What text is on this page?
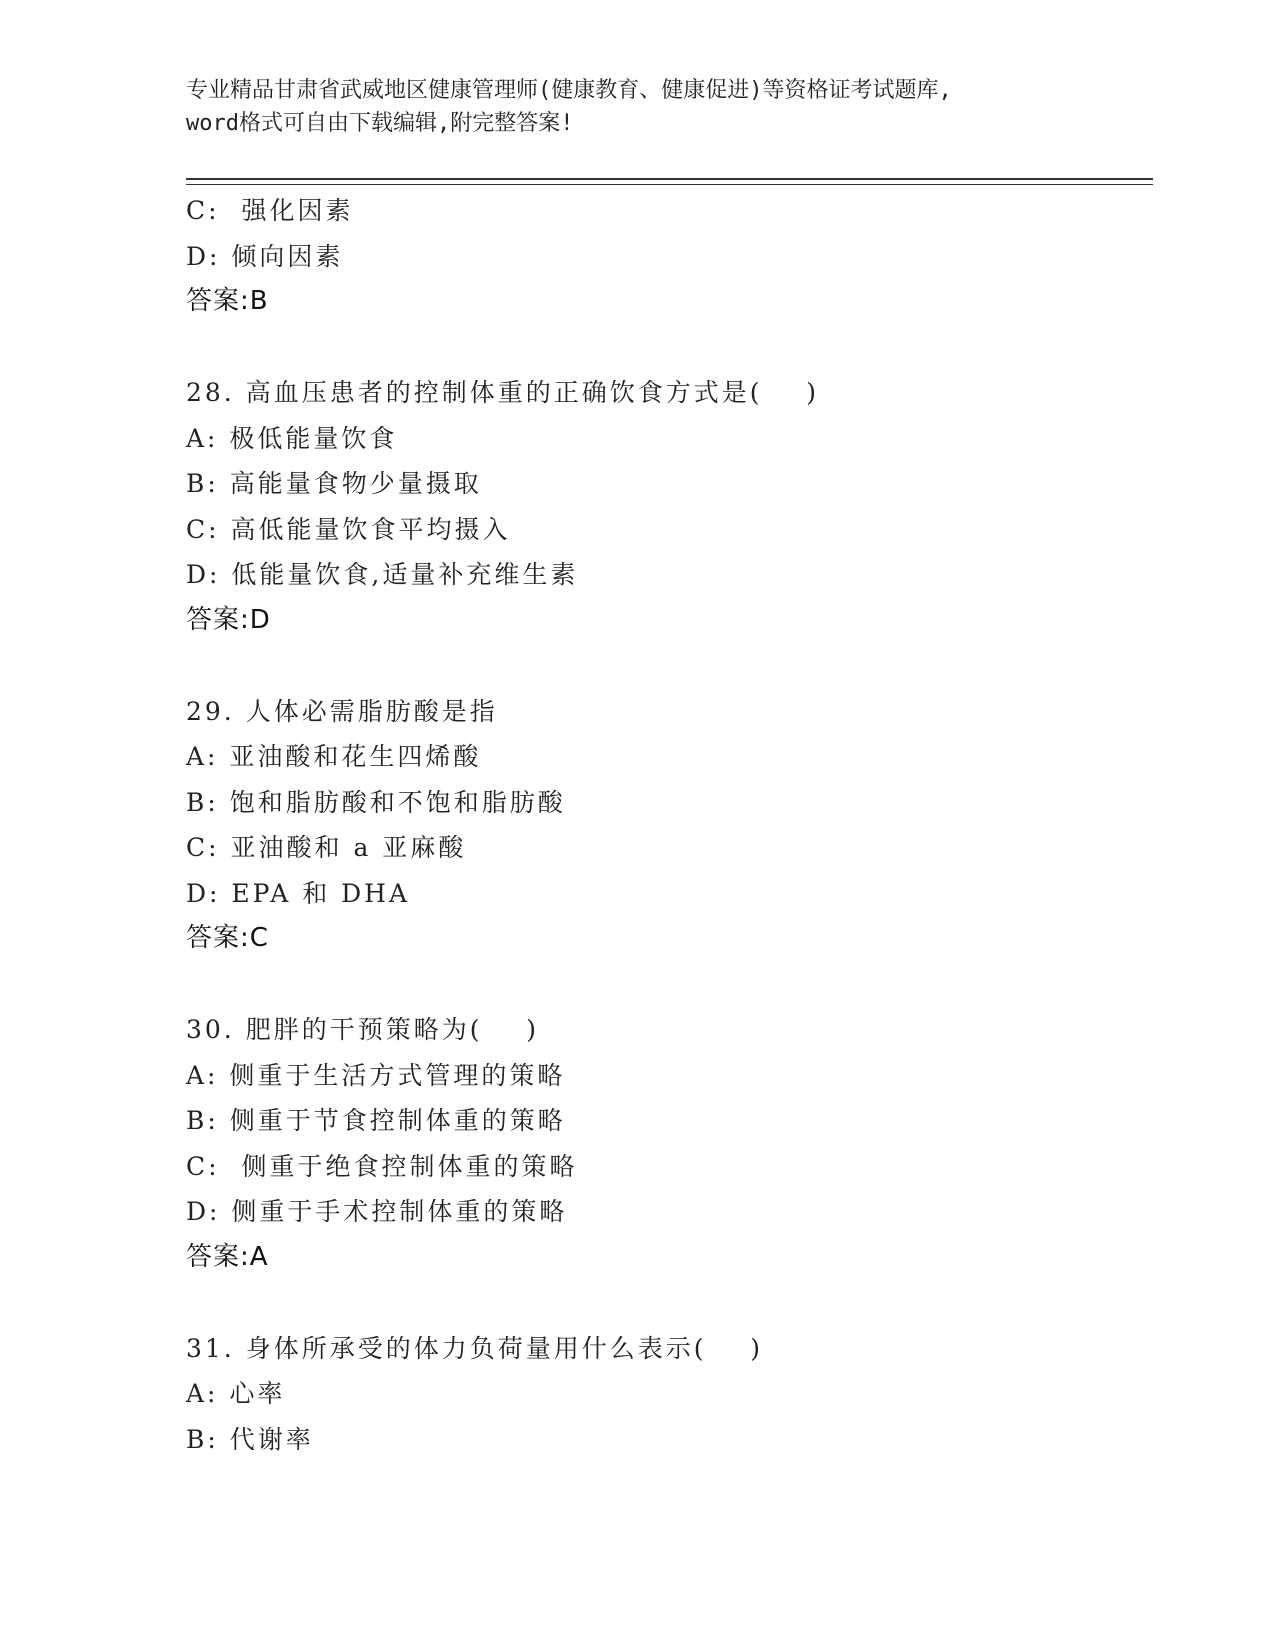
专业精品甘肃省武威地区健康管理师(健康教育、健康促进)等资格证考试题库,
word格式可自由下载编辑,附完整答案!
C:  强化因素
D: 倾向因素
答案:B
28. 高血压患者的控制体重的正确饮食方式是(    )
A: 极低能量饮食
B: 高能量食物少量摄取
C: 高低能量饮食平均摄入
D: 低能量饮食,适量补充维生素
答案:D
29. 人体必需脂肪酸是指
A: 亚油酸和花生四烯酸
B: 饱和脂肪酸和不饱和脂肪酸
C: 亚油酸和 a 亚麻酸
D: EPA 和 DHA
答案:C
30. 肥胖的干预策略为(    )
A: 侧重于生活方式管理的策略
B: 侧重于节食控制体重的策略
C:  侧重于绝食控制体重的策略
D: 侧重于手术控制体重的策略
答案:A
31. 身体所承受的体力负荷量用什么表示(    )
A: 心率
B: 代谢率
